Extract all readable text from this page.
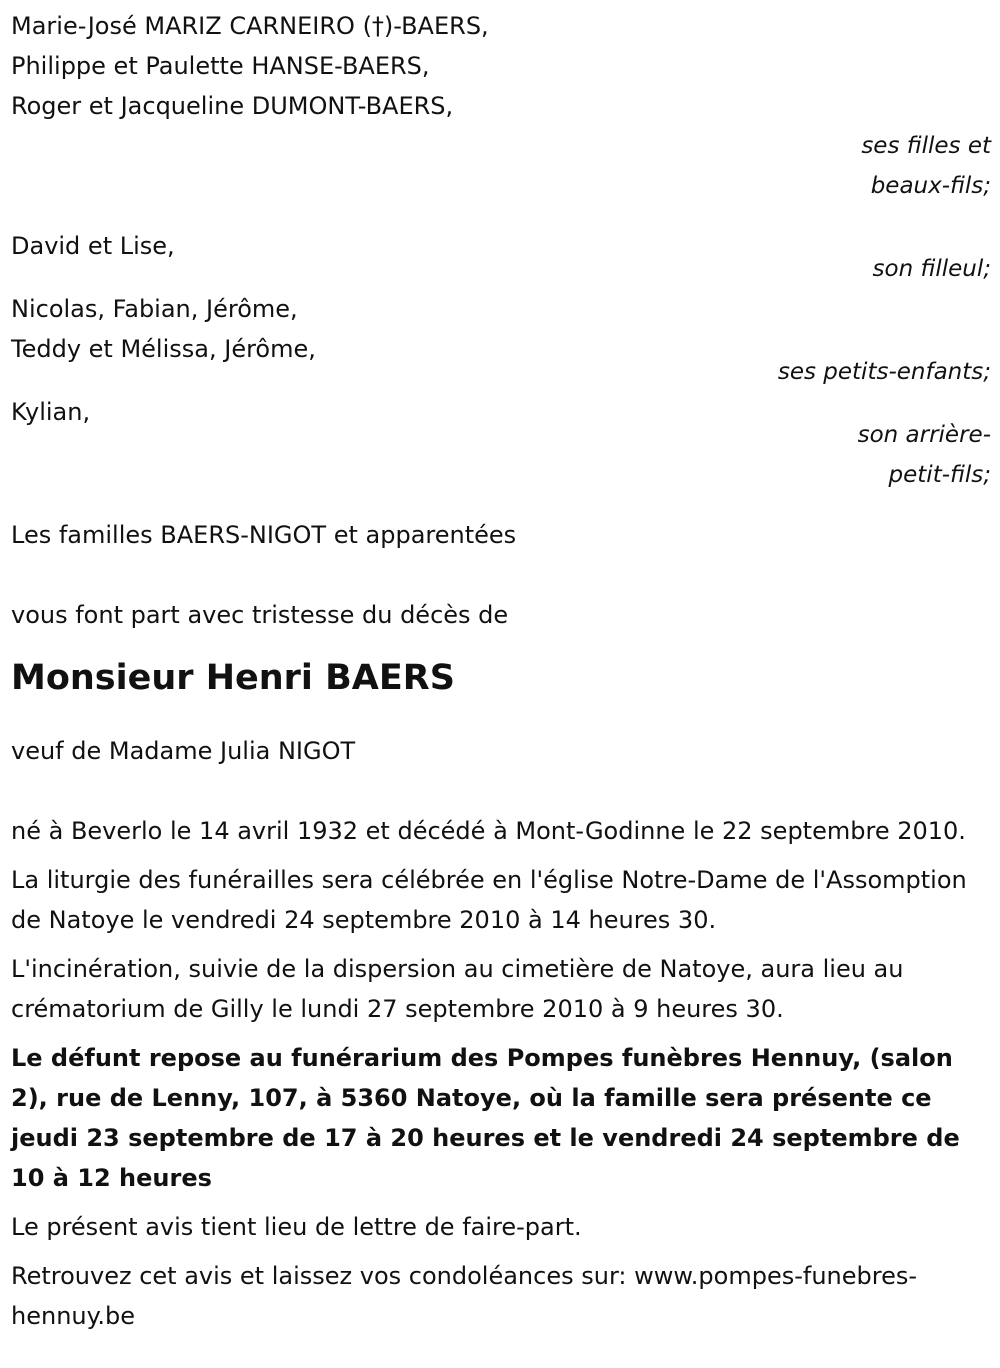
Marie-José MARIZ CARNEIRO (†)-BAERS,
Philippe et Paulette HANSE-BAERS,
Roger et Jacqueline DUMONT-BAERS,
ses filles et
beaux-fils;
David et Lise,
son filleul;
Nicolas, Fabian, Jérôme,
Teddy et Mélissa, Jérôme,
ses petits-enfants;
Kylian,
son arrière-
petit-fils;
Les familles BAERS-NIGOT et apparentées
vous font part avec tristesse du décès de
Monsieur Henri BAERS
veuf de Madame Julia NIGOT
né à Beverlo le 14 avril 1932 et décédé à Mont-Godinne le 22 septembre 2010.
La liturgie des funérailles sera célébrée en l'église Notre-Dame de l'Assomption de Natoye le vendredi 24 septembre 2010 à 14 heures 30.
L'incinération, suivie de la dispersion au cimetière de Natoye, aura lieu au crématorium de Gilly le lundi 27 septembre 2010 à 9 heures 30.
Le défunt repose au funérarium des Pompes funèbres Hennuy, (salon 2), rue de Lenny, 107, à 5360 Natoye, où la famille sera présente ce jeudi 23 septembre de 17 à 20 heures et le vendredi 24 septembre de 10 à 12 heures
Le présent avis tient lieu de lettre de faire-part.
Retrouvez cet avis et laissez vos condoléances sur: www.pompes-funebres-hennuy.be
